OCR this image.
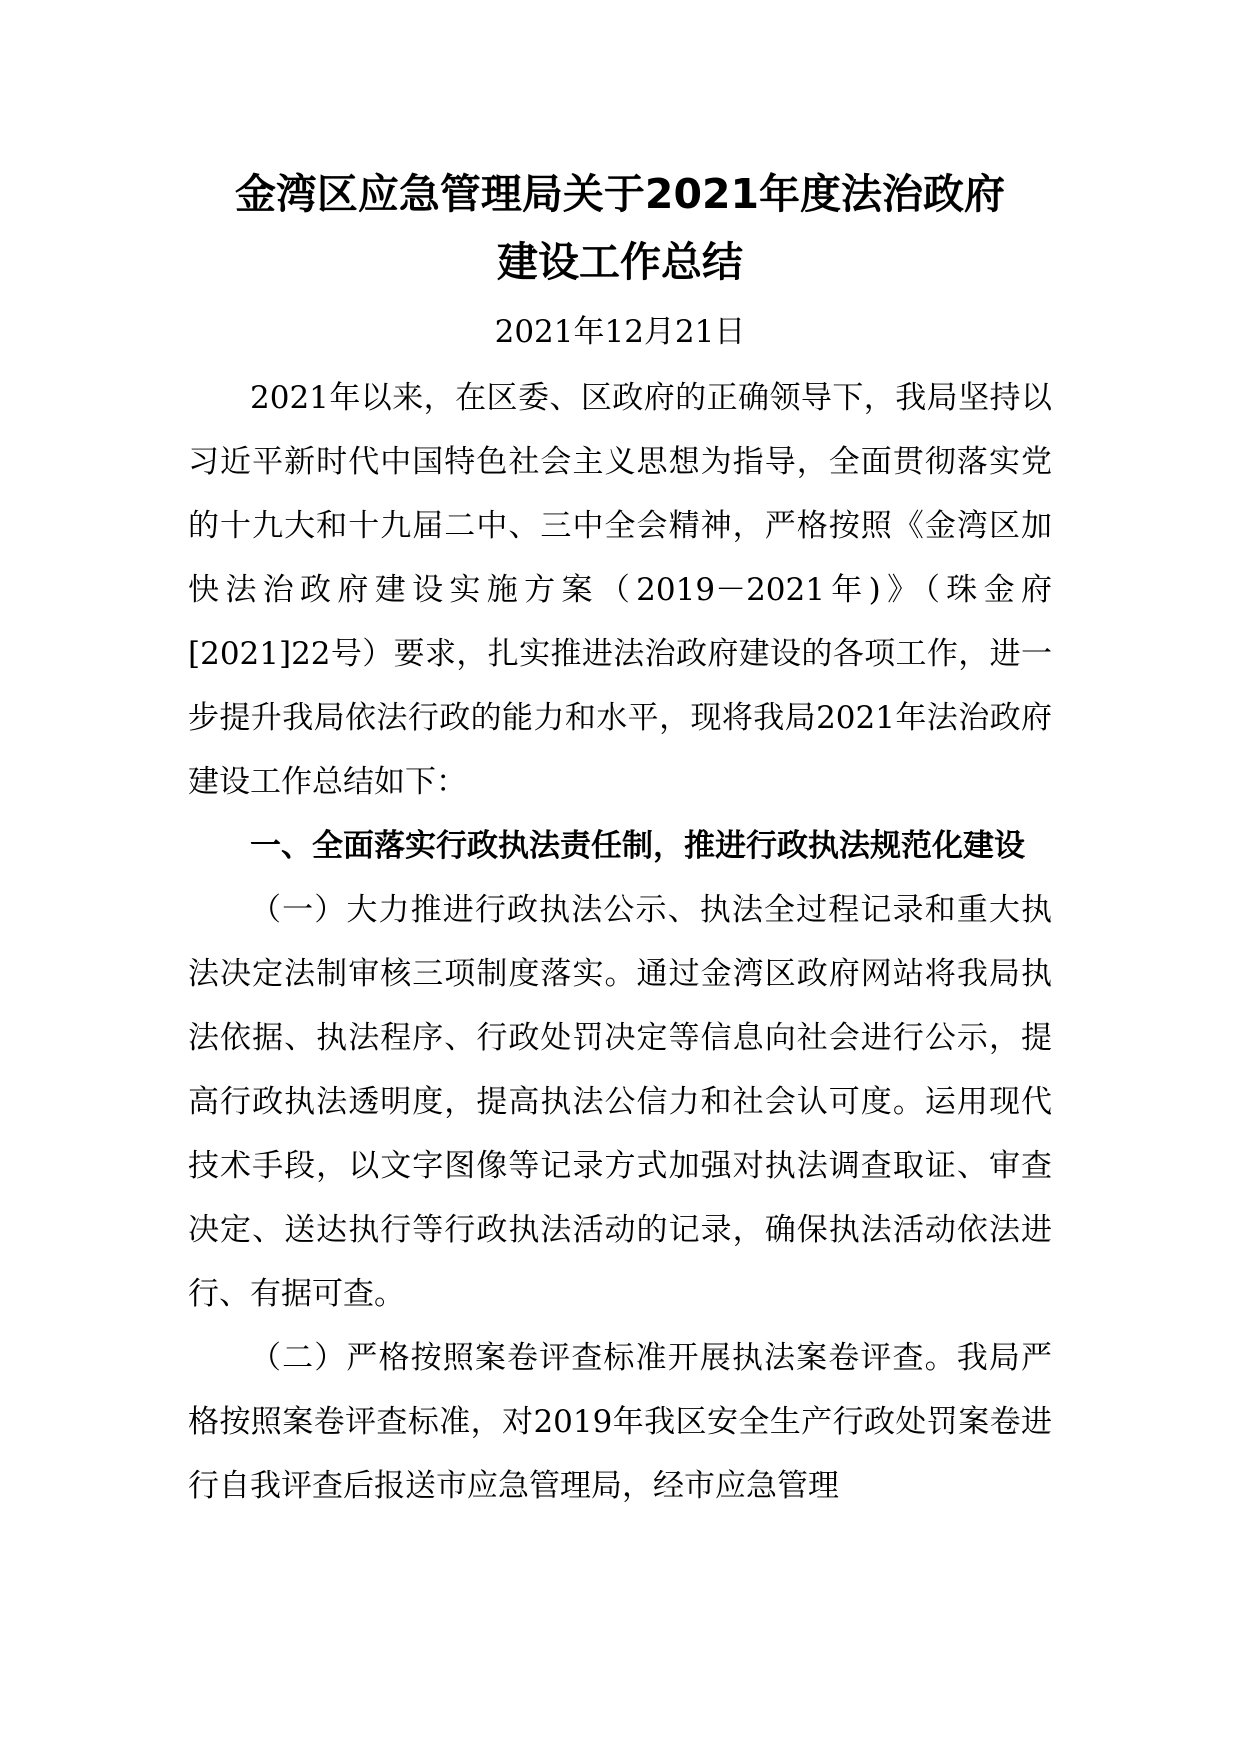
金湾区应急管理局关于2021年度法治政府
建设工作总结

2021年12月21日

2021年以来，在区委、区政府的正确领导下，我局坚持以习近平新时代中国特色社会主义思想为指导，全面贯彻落实党的十九大和十九届二中、三中全会精神，严格按照《金湾区加快法治政府建设实施方案（2019－2021年)》（珠金府[2021]22号）要求，扎实推进法治政府建设的各项工作，进一步提升我局依法行政的能力和水平，现将我局2021年法治政府建设工作总结如下：

一、全面落实行政执法责任制，推进行政执法规范化建设

（一）大力推进行政执法公示、执法全过程记录和重大执法决定法制审核三项制度落实。通过金湾区政府网站将我局执法依据、执法程序、行政处罚决定等信息向社会进行公示，提高行政执法透明度，提高执法公信力和社会认可度。运用现代技术手段，以文字图像等记录方式加强对执法调查取证、审查决定、送达执行等行政执法活动的记录，确保执法活动依法进行、有据可查。

（二）严格按照案卷评查标准开展执法案卷评查。我局严格按照案卷评查标准，对2019年我区安全生产行政处罚案卷进行自我评查后报送市应急管理局，经市应急管理
